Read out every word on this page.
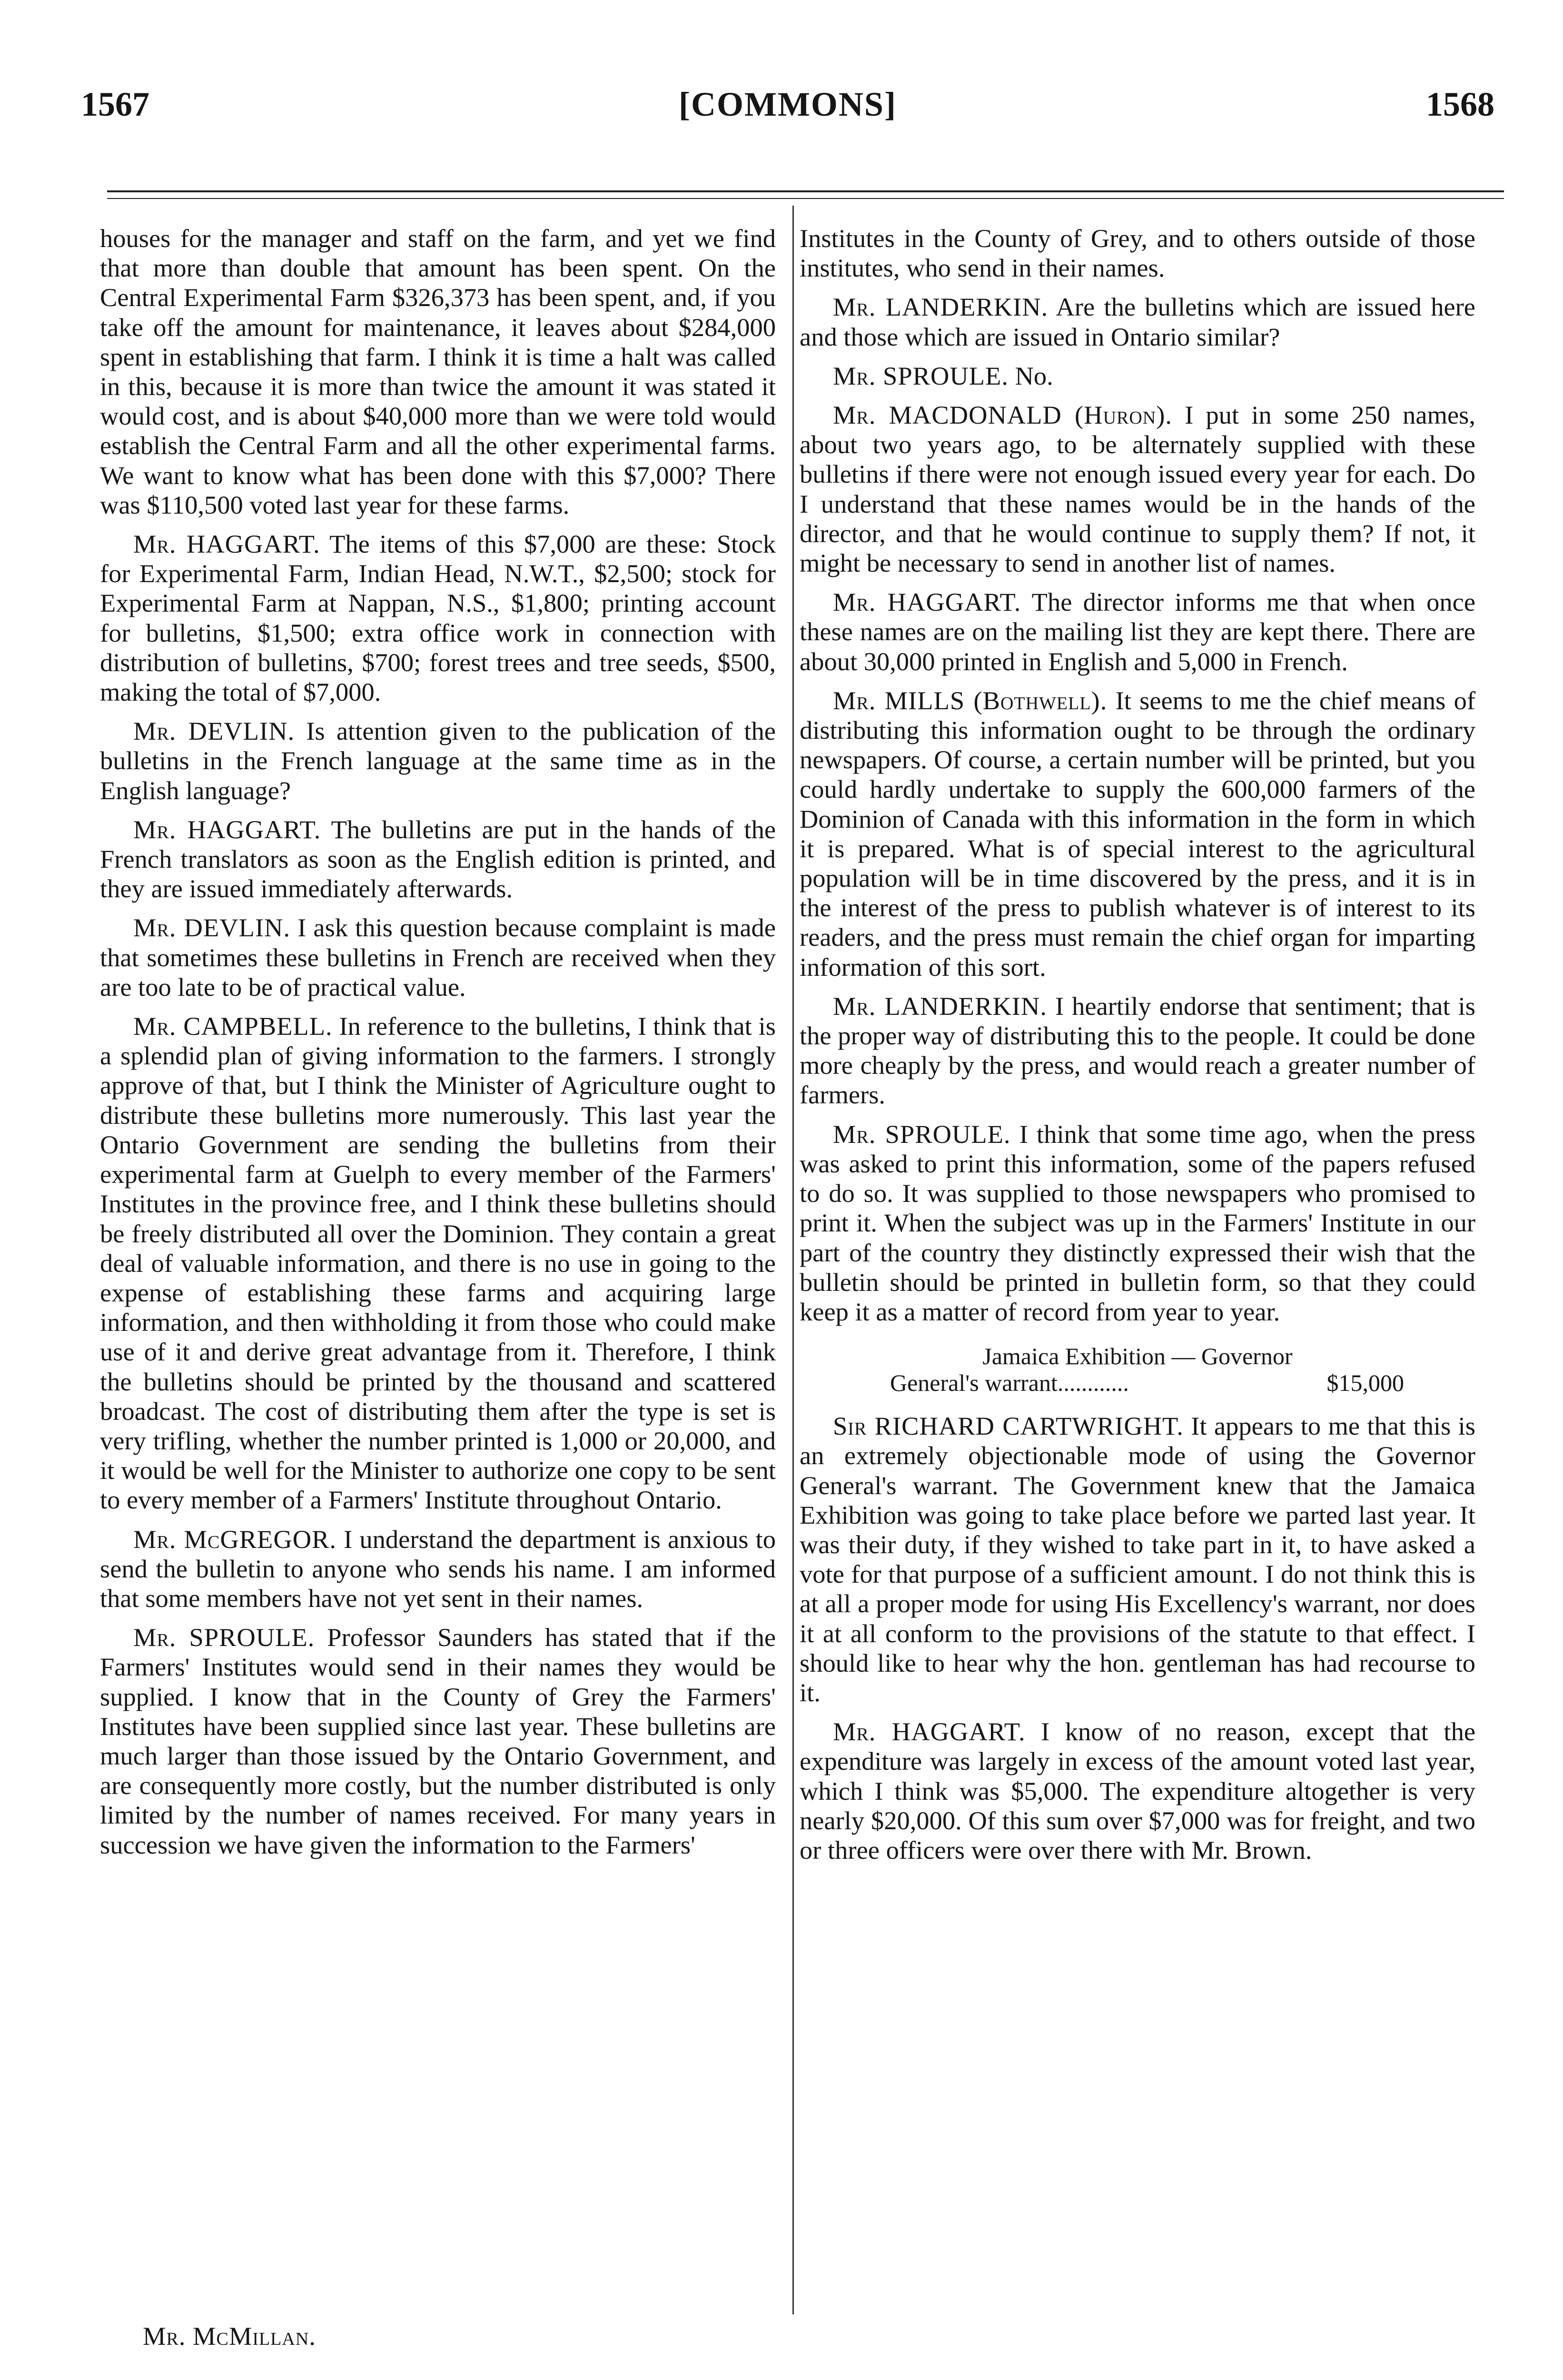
1567	[COMMONS]	1568

houses for the manager and staff on the farm, and yet we find that more than double that amount has been spent. On the Central Experimental Farm $326,373 has been spent, and, if you take off the amount for maintenance, it leaves about $284,000 spent in establishing that farm. I think it is time a halt was called in this, because it is more than twice the amount it was stated it would cost, and is about $40,000 more than we were told would establish the Central Farm and all the other experimental farms. We want to know what has been done with this $7,000? There was $110,500 voted last year for these farms.

Mr. HAGGART. The items of this $7,000 are these: Stock for Experimental Farm, Indian Head, N.W.T., $2,500; stock for Experimental Farm at Nappan, N.S., $1,800; printing account for bulletins, $1,500; extra office work in connection with distribution of bulletins, $700; forest trees and tree seeds, $500, making the total of $7,000.

Mr. DEVLIN. Is attention given to the publication of the bulletins in the French language at the same time as in the English language?

Mr. HAGGART. The bulletins are put in the hands of the French translators as soon as the English edition is printed, and they are issued immediately afterwards.

Mr. DEVLIN. I ask this question because complaint is made that sometimes these bulletins in French are received when they are too late to be of practical value.

Mr. CAMPBELL. In reference to the bulletins, I think that is a splendid plan of giving information to the farmers. I strongly approve of that, but I think the Minister of Agriculture ought to distribute these bulletins more numerously. This last year the Ontario Government are sending the bulletins from their experimental farm at Guelph to every member of the Farmers' Institutes in the province free, and I think these bulletins should be freely distributed all over the Dominion. They contain a great deal of valuable information, and there is no use in going to the expense of establishing these farms and acquiring large information, and then withholding it from those who could make use of it and derive great advantage from it. Therefore, I think the bulletins should be printed by the thousand and scattered broadcast. The cost of distributing them after the type is set is very trifling, whether the number printed is 1,000 or 20,000, and it would be well for the Minister to authorize one copy to be sent to every member of a Farmers' Institute throughout Ontario.

Mr. McGREGOR. I understand the department is anxious to send the bulletin to anyone who sends his name. I am informed that some members have not yet sent in their names.

Mr. SPROULE. Professor Saunders has stated that if the Farmers' Institutes would send in their names they would be supplied. I know that in the County of Grey the Farmers' Institutes have been supplied since last year. These bulletins are much larger than those issued by the Ontario Government, and are consequently more costly, but the number distributed is only limited by the number of names received. For many years in succession we have given the information to the Farmers'

Mr. McMillan.

Institutes in the County of Grey, and to others outside of those institutes, who send in their names.

Mr. LANDERKIN. Are the bulletins which are issued here and those which are issued in Ontario similar?

Mr. SPROULE. No.

Mr. MACDONALD (Huron). I put in some 250 names, about two years ago, to be alternately supplied with these bulletins if there were not enough issued every year for each. Do I understand that these names would be in the hands of the director, and that he would continue to supply them? If not, it might be necessary to send in another list of names.

Mr. HAGGART. The director informs me that when once these names are on the mailing list they are kept there. There are about 30,000 printed in English and 5,000 in French.

Mr. MILLS (Bothwell). It seems to me the chief means of distributing this information ought to be through the ordinary newspapers. Of course, a certain number will be printed, but you could hardly undertake to supply the 600,000 farmers of the Dominion of Canada with this information in the form in which it is prepared. What is of special interest to the agricultural population will be in time discovered by the press, and it is in the interest of the press to publish whatever is of interest to its readers, and the press must remain the chief organ for imparting information of this sort.

Mr. LANDERKIN. I heartily endorse that sentiment; that is the proper way of distributing this to the people. It could be done more cheaply by the press, and would reach a greater number of farmers.

Mr. SPROULE. I think that some time ago, when the press was asked to print this information, some of the papers refused to do so. It was supplied to those newspapers who promised to print it. When the subject was up in the Farmers' Institute in our part of the country they distinctly expressed their wish that the bulletin should be printed in bulletin form, so that they could keep it as a matter of record from year to year.

Jamaica Exhibition — Governor
General's warrant............	$15,000

Sir RICHARD CARTWRIGHT. It appears to me that this is an extremely objectionable mode of using the Governor General's warrant. The Government knew that the Jamaica Exhibition was going to take place before we parted last year. It was their duty, if they wished to take part in it, to have asked a vote for that purpose of a sufficient amount. I do not think this is at all a proper mode for using His Excellency's warrant, nor does it at all conform to the provisions of the statute to that effect. I should like to hear why the hon. gentleman has had recourse to it.

Mr. HAGGART. I know of no reason, except that the expenditure was largely in excess of the amount voted last year, which I think was $5,000. The expenditure altogether is very nearly $20,000. Of this sum over $7,000 was for freight, and two or three officers were over there with Mr. Brown.
